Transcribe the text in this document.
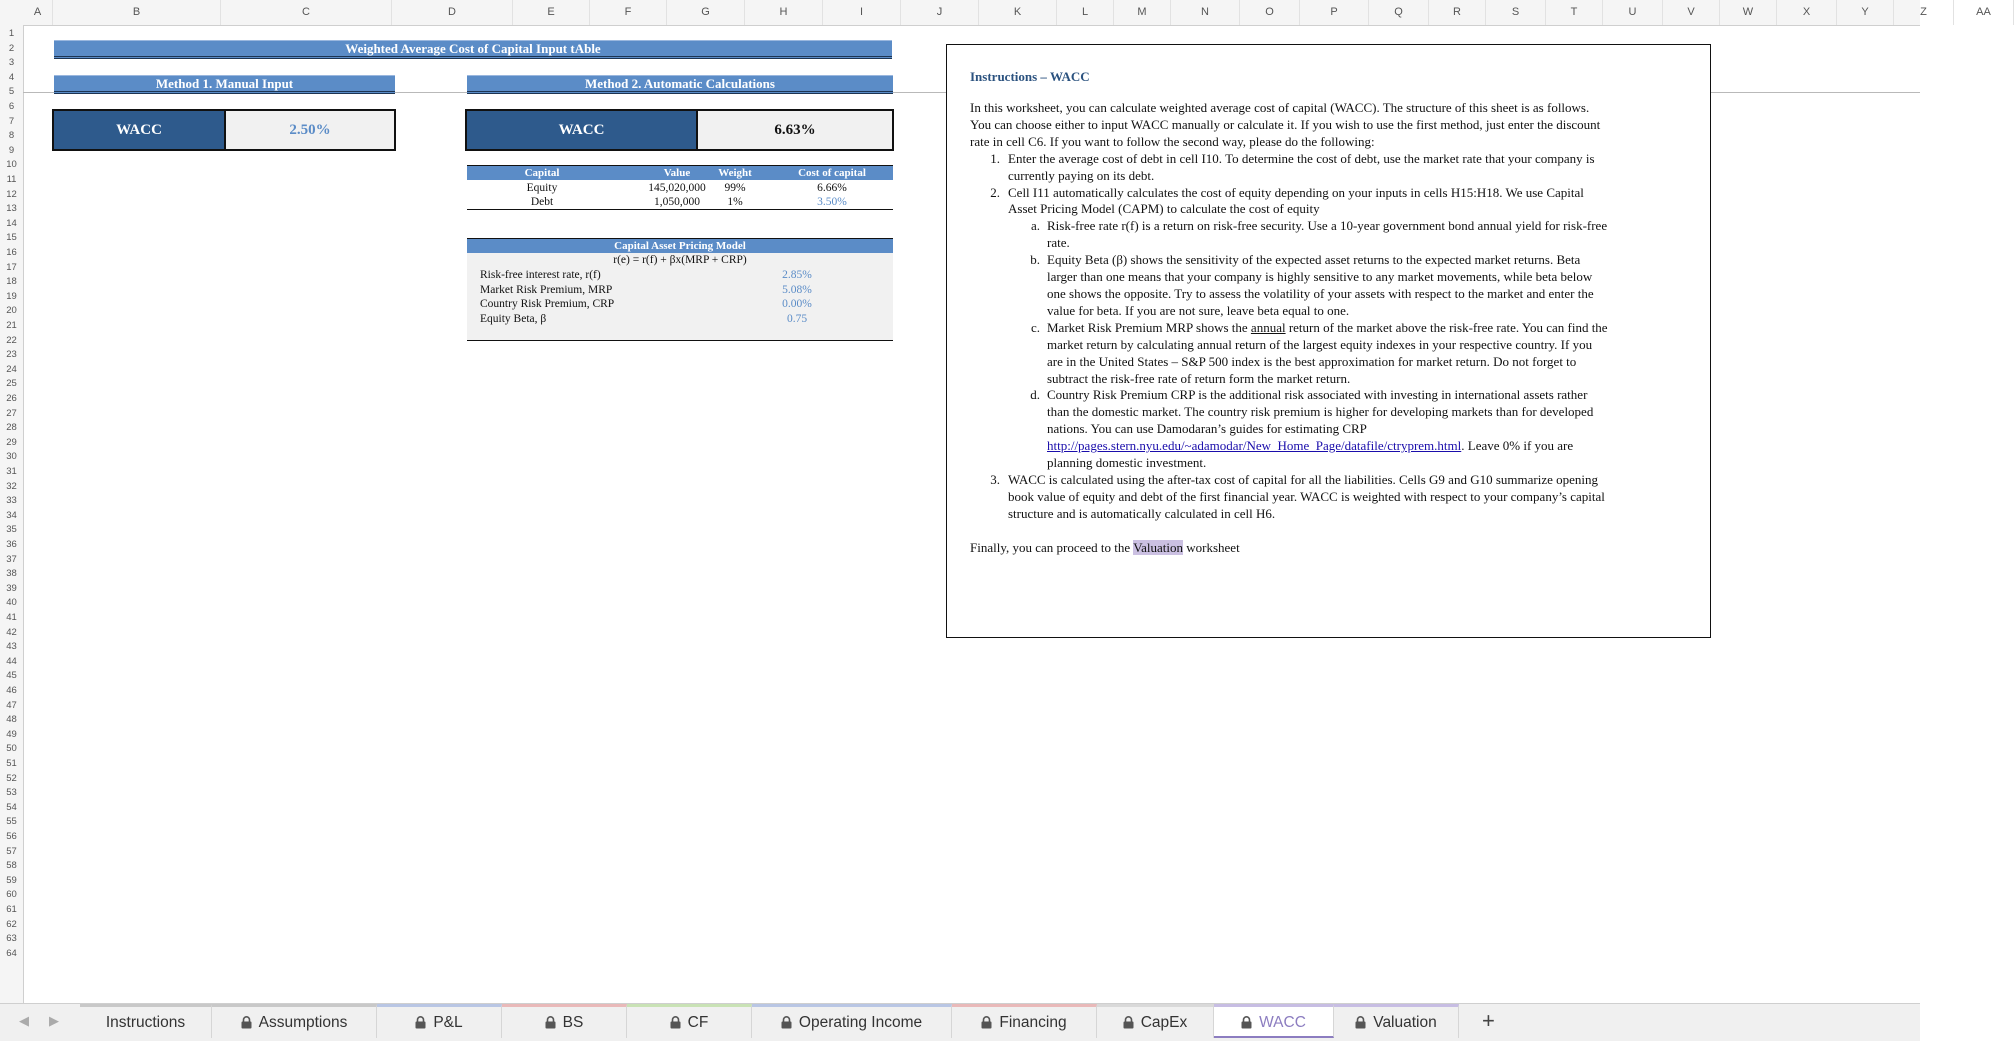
A	B	C	D	E	F	G	H	I	J	K	L	M	N	O	P	Q	R	S	T	U	V	W	X	Y	Z	AA
1
2
3
4
5
6
7
8
9
10
11
12
13
14
15
16
17
18
19
20
21
22
23
24
25
26
27
28
29
30
31
32
33
34
35
36
37
38
39
40
41
42
43
44
45
46
47
48
49
50
51
52
53
54
55
56
57
58
59
60
61
62
63
64
Weighted Average Cost of Capital Input tAble
Method 1. Manual Input
WACC	2.50%
Method 2. Automatic Calculations
WACC	6.63%
Capital	Value	Weight	Cost of capital
Equity	145,020,000	99%	6.66%
Debt	1,050,000	1%	3.50%
Capital Asset Pricing Model
r(e) = r(f) + βx(MRP + CRP)
Risk-free interest rate, r(f)	2.85%
Market Risk Premium, MRP	5.08%
Country Risk Premium, CRP	0.00%
Equity Beta, β	0.75
Instructions – WACC

In this worksheet, you can calculate weighted average cost of capital (WACC). The structure of this sheet is as follows. You can choose either to input WACC manually or calculate it. If you wish to use the first method, just enter the discount rate in cell C6. If you want to follow the second way, please do the following:

1. Enter the average cost of debt in cell I10. To determine the cost of debt, use the market rate that your company is currently paying on its debt.
2. Cell I11 automatically calculates the cost of equity depending on your inputs in cells H15:H18. We use Capital Asset Pricing Model (CAPM) to calculate the cost of equity
a. Risk-free rate r(f) is a return on risk-free security. Use a 10-year government bond annual yield for risk-free rate.
b. Equity Beta (β) shows the sensitivity of the expected asset returns to the expected market returns. Beta larger than one means that your company is highly sensitive to any market movements, while beta below one shows the opposite. Try to assess the volatility of your assets with respect to the market and enter the value for beta. If you are not sure, leave beta equal to one.
c. Market Risk Premium MRP shows the annual return of the market above the risk-free rate. You can find the market return by calculating annual return of the largest equity indexes in your respective country. If you are in the United States – S&P 500 index is the best approximation for market return. Do not forget to subtract the risk-free rate of return form the market return.
d. Country Risk Premium CRP is the additional risk associated with investing in international assets rather than the domestic market. The country risk premium is higher for developing markets than for developed nations. You can use Damodaran’s guides for estimating CRP
http://pages.stern.nyu.edu/~adamodar/New_Home_Page/datafile/ctryprem.html. Leave 0% if you are planning domestic investment.
3. WACC is calculated using the after-tax cost of capital for all the liabilities. Cells G9 and G10 summarize opening book value of equity and debt of the first financial year. WACC is weighted with respect to your company’s capital structure and is automatically calculated in cell H6.

Finally, you can proceed to the Valuation worksheet

◀ ▶	Instructions	Assumptions	P&L	BS	CF	Operating Income	Financing	CapEx	WACC	Valuation	+
